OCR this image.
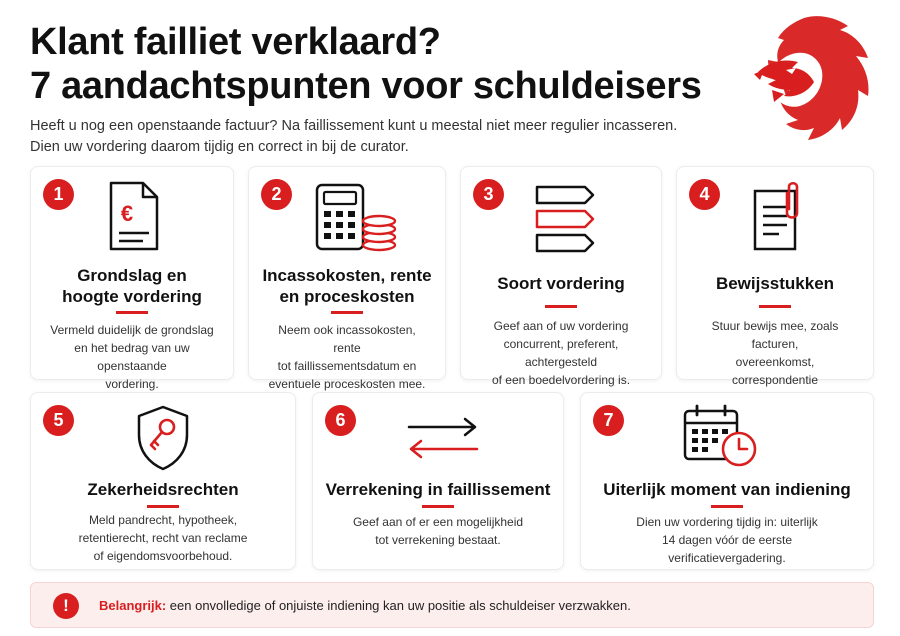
Klant failliet verklaard?
7 aandachtspunten voor schuldeisers
Heeft u nog een openstaande factuur? Na faillissement kunt u meestal niet meer regulier incasseren.
Dien uw vordering daarom tijdig en correct in bij de curator.
1
€
Grondslag en
hoogte vordering
Vermeld duidelijk de grondslag
en het bedrag van uw openstaande
vordering.
2
Incassokosten, rente
en proceskosten
Neem ook incassokosten, rente
tot faillissementsdatum en
eventuele proceskosten mee.
3
Soort vordering
Geef aan of uw vordering
concurrent, preferent, achtergesteld
of een boedelvordering is.
4
Bewijsstukken
Stuur bewijs mee, zoals facturen,
overeenkomst, correspondentie
5
Zekerheidsrechten
Meld pandrecht, hypotheek,
retentierecht, recht van reclame
of eigendomsvoorbehoud.
6
Verrekening in faillissement
Geef aan of er een mogelijkheid
tot verrekening bestaat.
7
Uiterlijk moment van indiening
Dien uw vordering tijdig in: uiterlijk
14 dagen vóór de eerste
verificatievergadering.
!	Belangrijk: een onvolledige of onjuiste indiening kan uw positie als schuldeiser verzwakken.
